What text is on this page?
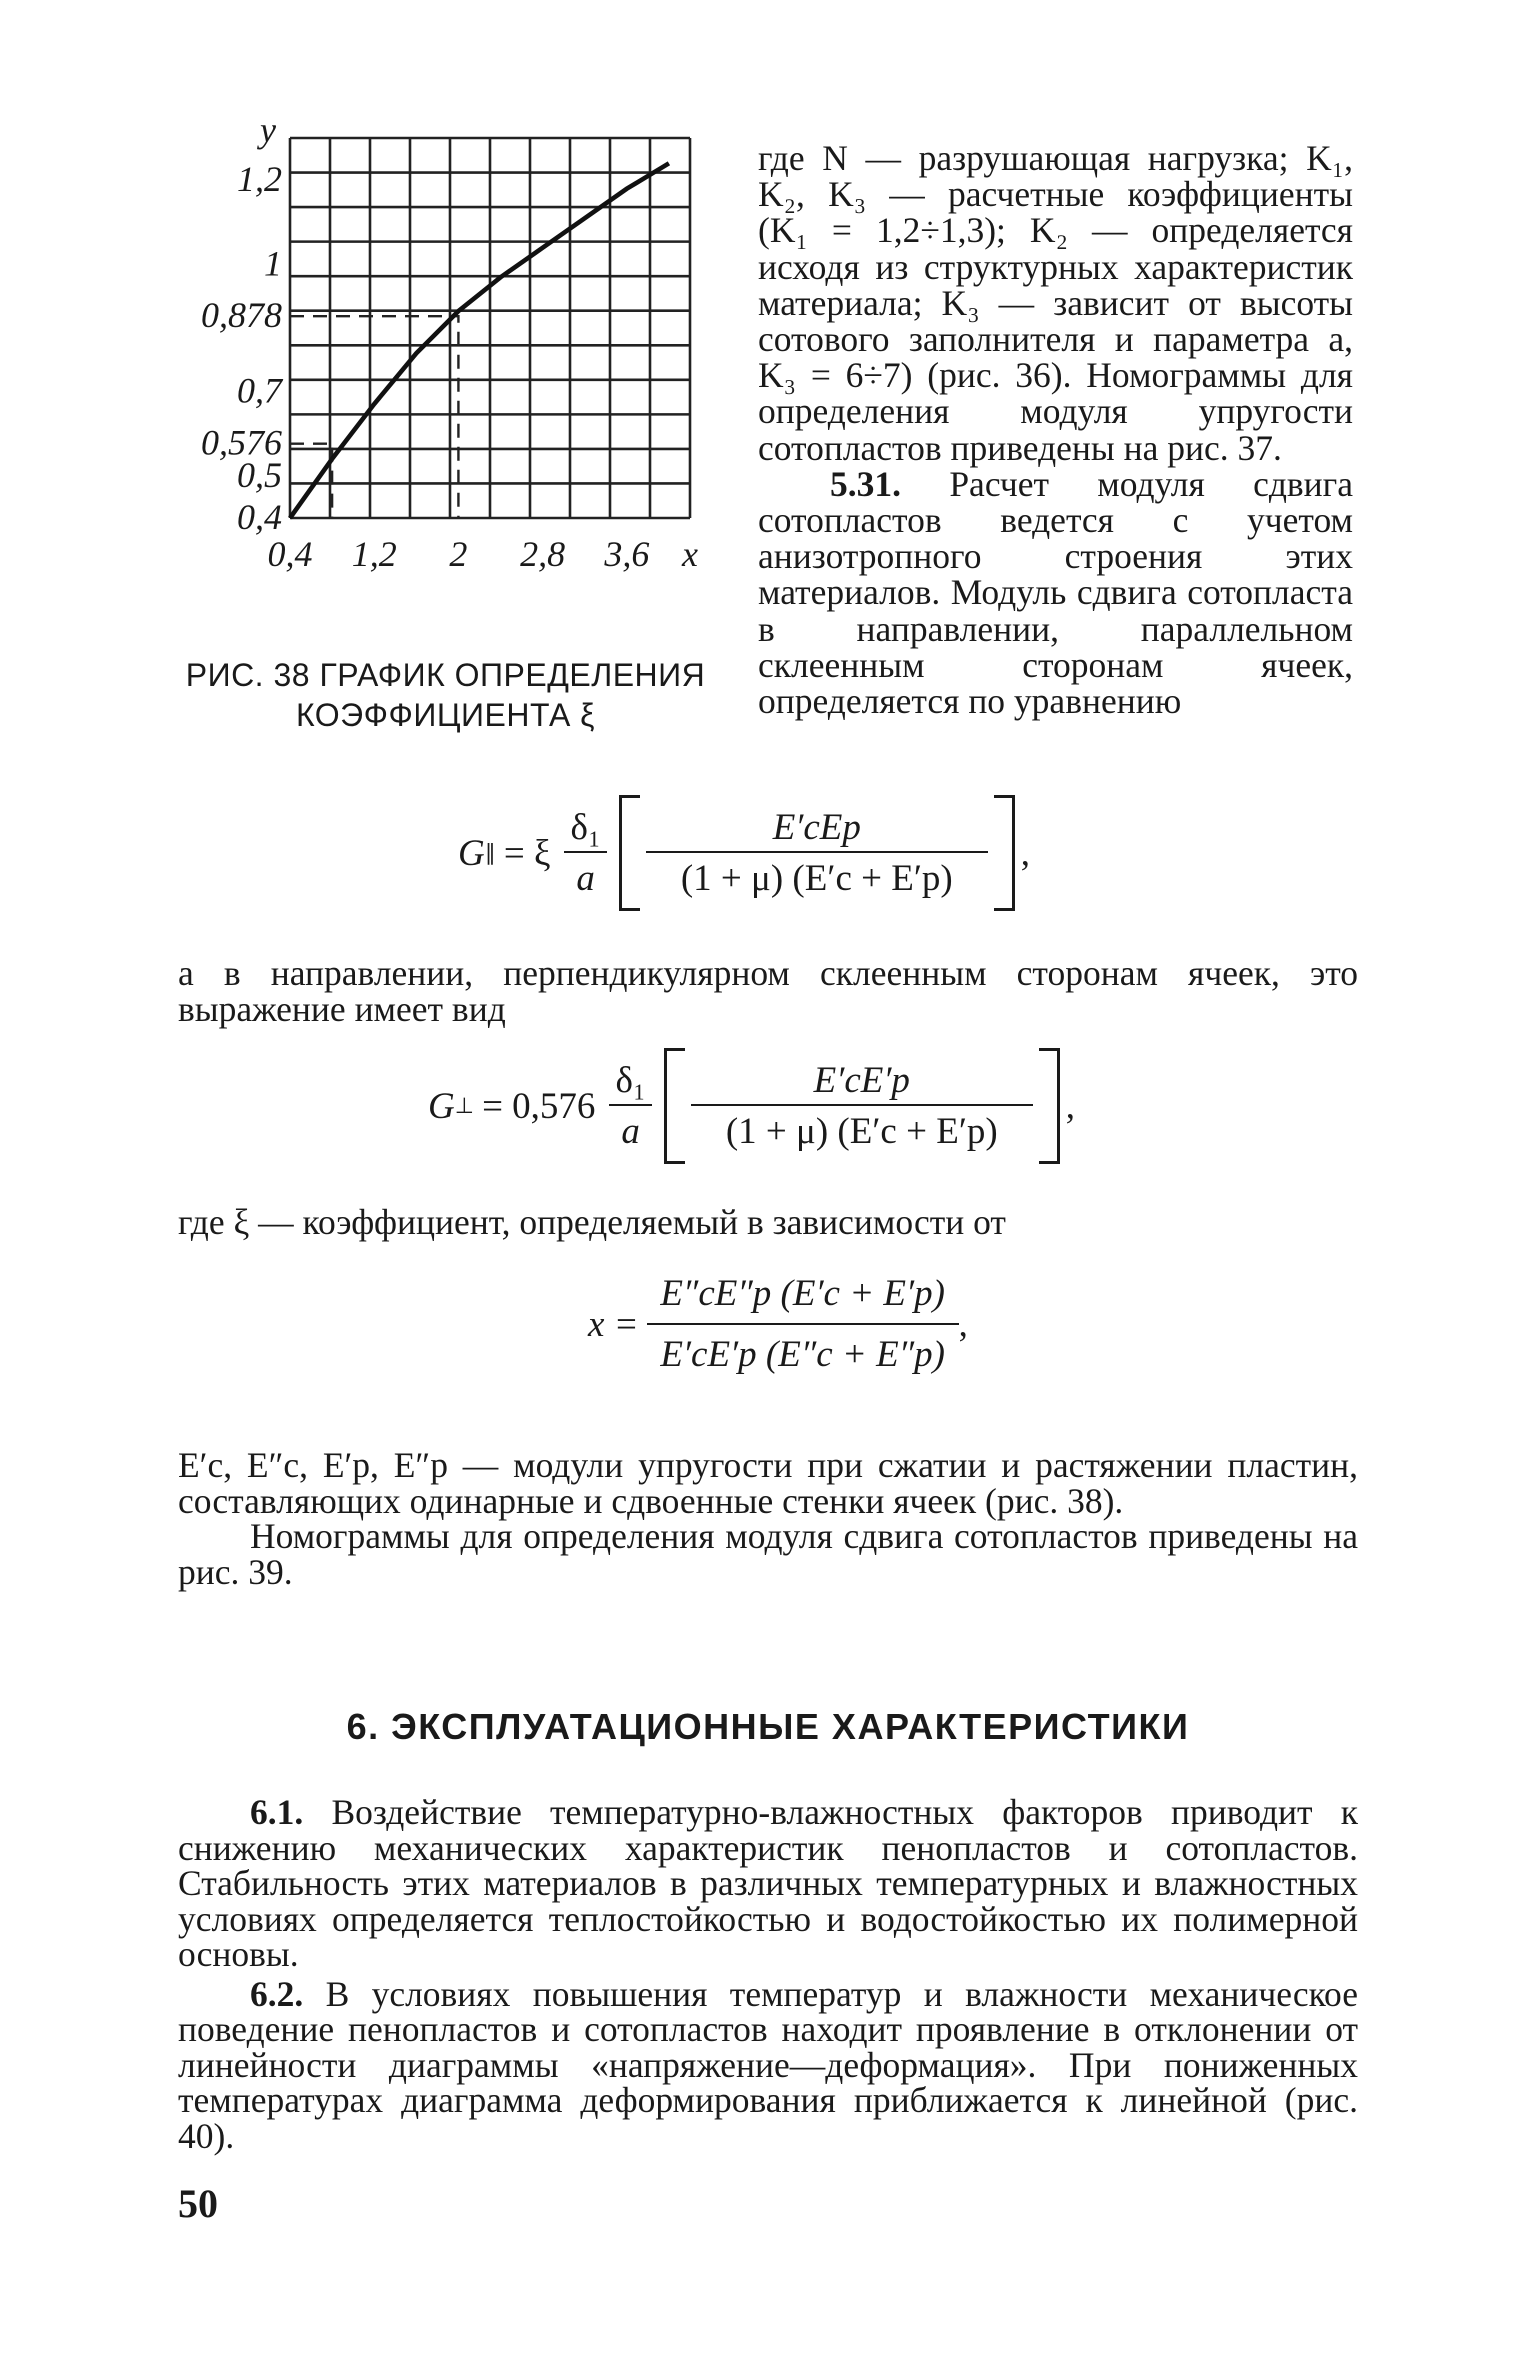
1,2
1
0,878
0,7
0,576
0,5
0,4
0,4 1,2 2 2,8 3,6
y
x
РИС. 38 ГРАФИК ОПРЕДЕЛЕНИЯ
КОЭФФИЦИЕНТА ξ

где N — разрушающая нагрузка; K₁, K₂, K₃ — расчетные коэффициенты (K₁ = 1,2÷1,3); K₂ — определяется исходя из структурных характеристик материала; K₃ — зависит от высоты сотового заполнителя и параметра a, K₃ = 6÷7) (рис. 36). Номограммы для определения модуля упругости сотопластов приведены на рис. 37.

5.31. Расчет модуля сдвига сотопластов ведется с учетом анизотропного строения этих материалов. Модуль сдвига сотопласта в направлении, параллельном склеенным сторонам ячеек, определяется по уравнению

G ∥ = ξ $\frac{\text{δ₁}}{a} \frac{\text{E′cEp}}{(1 + \mu) (E'c + E'p)}$ ,

а в направлении, перпендикулярном склеенным сторонам ячеек, это выражение имеет вид

G ⊥ = $0,576 \frac{\text{δ₁}}{a} \frac{E'cE'p}{(1 + \mu) (E'c + E'p)}$ ,

где ξ — коэффициент, определяемый в зависимости от

$x = \frac{E''cE''p (E'c + E'p)}{E'cE'p (E''c + E''p)}$ ,

E′c, E″c, E′p, E″p — модули упругости при сжатии и растяжении пластин, составляющих одинарные и сдвоенные стенки ячеек (рис. 38).

Номограммы для определения модуля сдвига сотопластов приведены на рис. 39.

6. ЭКСПЛУАТАЦИОННЫЕ ХАРАКТЕРИСТИКИ

6.1. Воздействие температурно-влажностных факторов приводит к снижению механических характеристик пенопластов и сотопластов. Стабильность этих материалов в различных температурных и влажностных условиях определяется теплостойкостью и водостойкостью их полимерной основы.

6.2. В условиях повышения температур и влажности механическое поведение пенопластов и сотопластов находит проявление в отклонении от линейности диаграммы «напряжение—деформация». При пониженных температурах диаграмма деформирования приближается к линейной (рис. 40).

50
